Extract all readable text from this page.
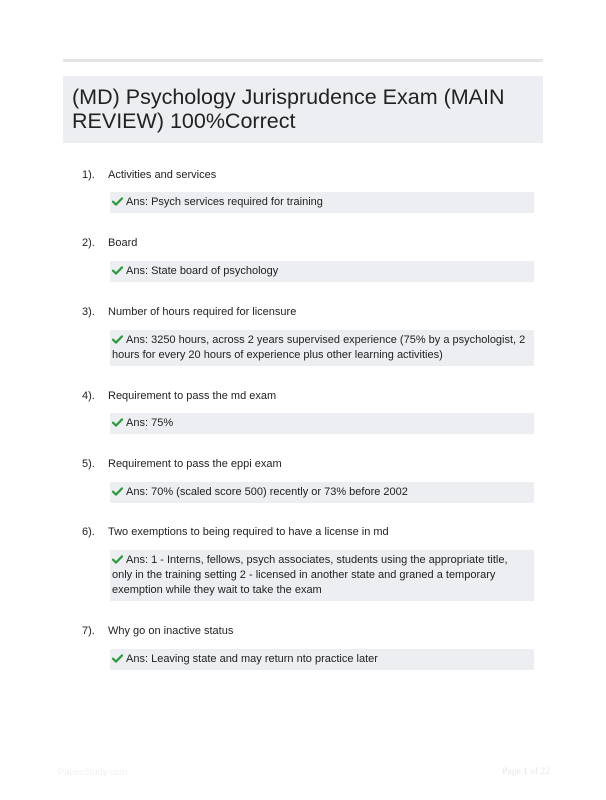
(MD) Psychology Jurisprudence Exam (MAIN REVIEW) 100%Correct
1). Activities and services
Ans: Psych services required for training
2). Board
Ans: State board of psychology
3). Number of hours required for licensure
Ans: 3250 hours, across 2 years supervised experience (75% by a psychologist, 2 hours for every 20 hours of experience plus other learning activities)
4). Requirement to pass the md exam
Ans: 75%
5). Requirement to pass the eppi exam
Ans: 70% (scaled score 500) recently or 73% before 2002
6). Two exemptions to being required to have a license in md
Ans: 1 - Interns, fellows, psych associates, students using the appropriate title, only in the training setting 2 - licensed in another state and graned a temporary exemption while they wait to take the exam
7). Why go on inactive status
Ans: Leaving state and may return nto practice later
PaperStudy.com	Page 1 of 22
